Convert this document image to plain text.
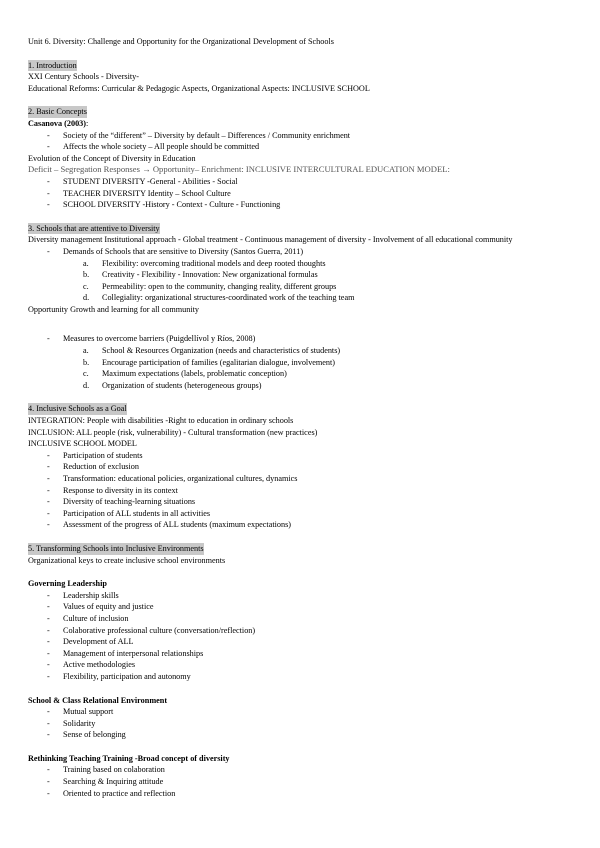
Unit 6. Diversity: Challenge and Opportunity for the Organizational Development of Schools
1. Introduction
XXI Century Schools - Diversity-
Educational Reforms: Curricular & Pedagogic Aspects, Organizational Aspects: INCLUSIVE SCHOOL
2. Basic Concepts
Casanova (2003):
- Society of the “different” – Diversity by default – Differences / Community enrichment
- Affects the whole society – All people should be committed
Evolution of the Concept of Diversity in Education
Deficit – Segregation Responses → Opportunity– Enrichment: INCLUSIVE INTERCULTURAL EDUCATION MODEL:
- STUDENT DIVERSITY -General - Abilities - Social
- TEACHER DIVERSITY Identity – School Culture
- SCHOOL DIVERSITY -History - Context - Culture - Functioning
3. Schools that are attentive to Diversity
Diversity management Institutional approach - Global treatment - Continuous management of diversity - Involvement of all educational community
- Demands of Schools that are sensitive to Diversity (Santos Guerra, 2011)
a. Flexibility: overcoming traditional models and deep rooted thoughts
b. Creativity - Flexibility - Innovation: New organizational formulas
c. Permeability: open to the community, changing reality, different groups
d. Collegiality: organizational structures-coordinated work of the teaching team
Opportunity Growth and learning for all community
- Measures to overcome barriers (Puigdellívol y Ríos, 2008)
a. School & Resources Organization (needs and characteristics of students)
b. Encourage participation of families (egalitarian dialogue, involvement)
c. Maximum expectations (labels, problematic conception)
d. Organization of students (heterogeneous groups)
4. Inclusive Schools as a Goal
INTEGRATION: People with disabilities -Right to education in ordinary schools
INCLUSION: ALL people (risk, vulnerability) - Cultural transformation (new practices)
INCLUSIVE SCHOOL MODEL
- Participation of students
- Reduction of exclusion
- Transformation: educational policies, organizational cultures, dynamics
- Response to diversity in its context
- Diversity of teaching-learning situations
- Participation of ALL students in all activities
- Assessment of the progress of ALL students (maximum expectations)
5. Transforming Schools into Inclusive Environments
Organizational keys to create inclusive school environments
Governing Leadership
- Leadership skills
- Values of equity and justice
- Culture of inclusion
- Colaborative professional culture (conversation/reflection)
- Development of ALL
- Management of interpersonal relationships
- Active methodologies
- Flexibility, participation and autonomy
School & Class Relational Environment
- Mutual support
- Solidarity
- Sense of belonging
Rethinking Teaching Training -Broad concept of diversity
- Training based on colaboration
- Searching & Inquiring attitude
- Oriented to practice and reflection
